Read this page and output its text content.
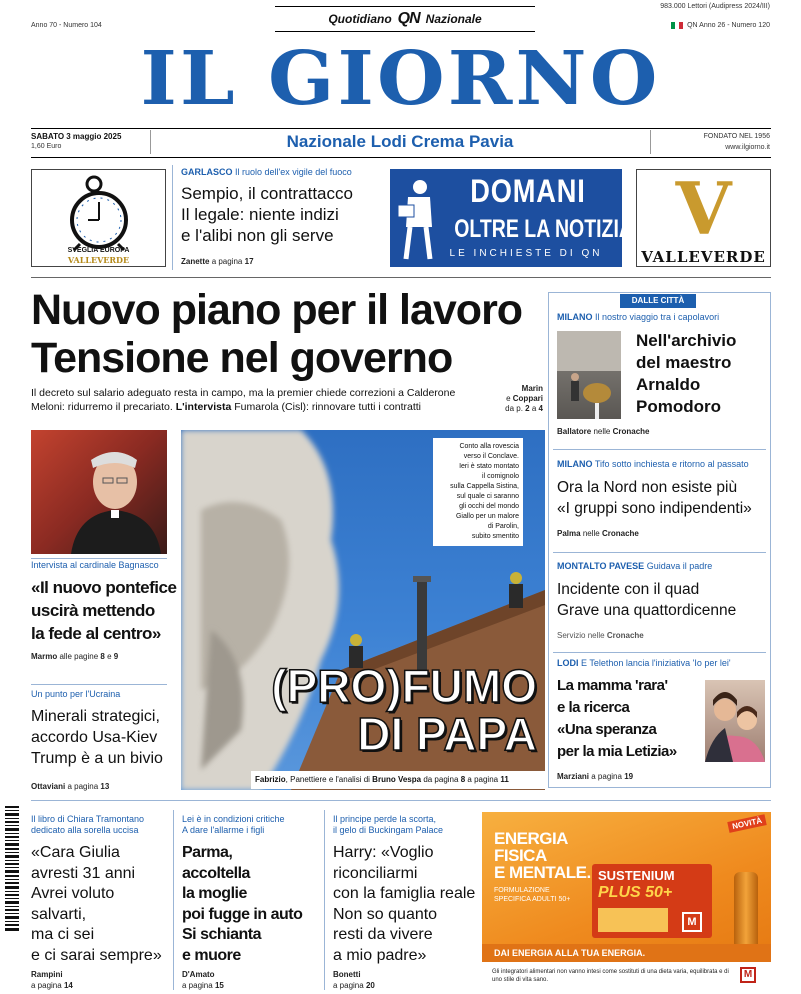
Anno 70 - Numero 104	Quotidiano QN Nazionale
983.000 Lettori (Audipress 2024/III)
QN Anno 26 - Numero 120
IL GIORNO
SABATO 3 maggio 2025
1,60 Euro	Nazionale Lodi Crema Pavia	FONDATO NEL 1956
www.ilgiorno.it
SVEGLIA EUROPA
VALLEVERDE
GARLASCO Il ruolo dell'ex vigile del fuoco
Sempio, il contrattacco
Il legale: niente indizi
e l'alibi non gli serve
Zanette a pagina 17
DOMANI
OLTRE LA NOTIZIA
LE INCHIESTE DI QN
V
VALLEVERDE
Nuovo piano per il lavoro
Tensione nel governo
Il decreto sul salario adeguato resta in campo, ma la premier chiede correzioni a Calderone
Meloni: ridurremo il precariato. L'intervista Fumarola (Cisl): rinnovare tutti i contratti
Marin
e Coppari
da p. 2 a 4
Intervista al cardinale Bagnasco
«Il nuovo pontefice
uscirà mettendo
la fede al centro»
Marmo alle pagine 8 e 9
Un punto per l'Ucraina
Minerali strategici,
accordo Usa-Kiev
Trump è a un bivio
Ottaviani a pagina 13
Conto alla rovescia
verso il Conclave.
Ieri è stato montato
il comignolo
sulla Cappella Sistina,
sul quale ci saranno
gli occhi del mondo
Giallo per un malore
di Parolin,
subito smentito
(PRO)FUMO
DI PAPA
Fabrizio, Panettiere e l'analisi di Bruno Vespa da pagina 8 a pagina 11
DALLE CITTÀ
MILANO Il nostro viaggio tra i capolavori
Nell'archivio
del maestro
Arnaldo
Pomodoro
Ballatore nelle Cronache
MILANO Tifo sotto inchiesta e ritorno al passato
Ora la Nord non esiste più
«I gruppi sono indipendenti»
Palma nelle Cronache
MONTALTO PAVESE Guidava il padre
Incidente con il quad
Grave una quattordicenne
Servizio nelle Cronache
LODI E Telethon lancia l'iniziativa 'Io per lei'
La mamma 'rara'
e la ricerca
«Una speranza
per la mia Letizia»
Marziani a pagina 19
Il libro di Chiara Tramontano
dedicato alla sorella uccisa
«Cara Giulia
avresti 31 anni
Avrei voluto
salvarti,
ma ci sei
e ci sarai sempre»
Rampini
a pagina 14
Lei è in condizioni critiche
A dare l'allarme i figli
Parma,
accoltella
la moglie
poi fugge in auto
Si schianta
e muore
D'Amato
a pagina 15
Il principe perde la scorta,
il gelo di Buckingam Palace
Harry: «Voglio
riconciliarmi
con la famiglia reale
Non so quanto
resti da vivere
a mio padre»
Bonetti
a pagina 20
ENERGIA
FISICA
E MENTALE.
FORMULAZIONE
SPECIFICA ADULTI 50+
NOVITÀ
SUSTENIUM
PLUS 50+
M
DAI ENERGIA ALLA TUA ENERGIA.
Gli integratori alimentari non vanno intesi come sostituti di una dieta varia, equilibrata e di uno stile di vita sano.	M
